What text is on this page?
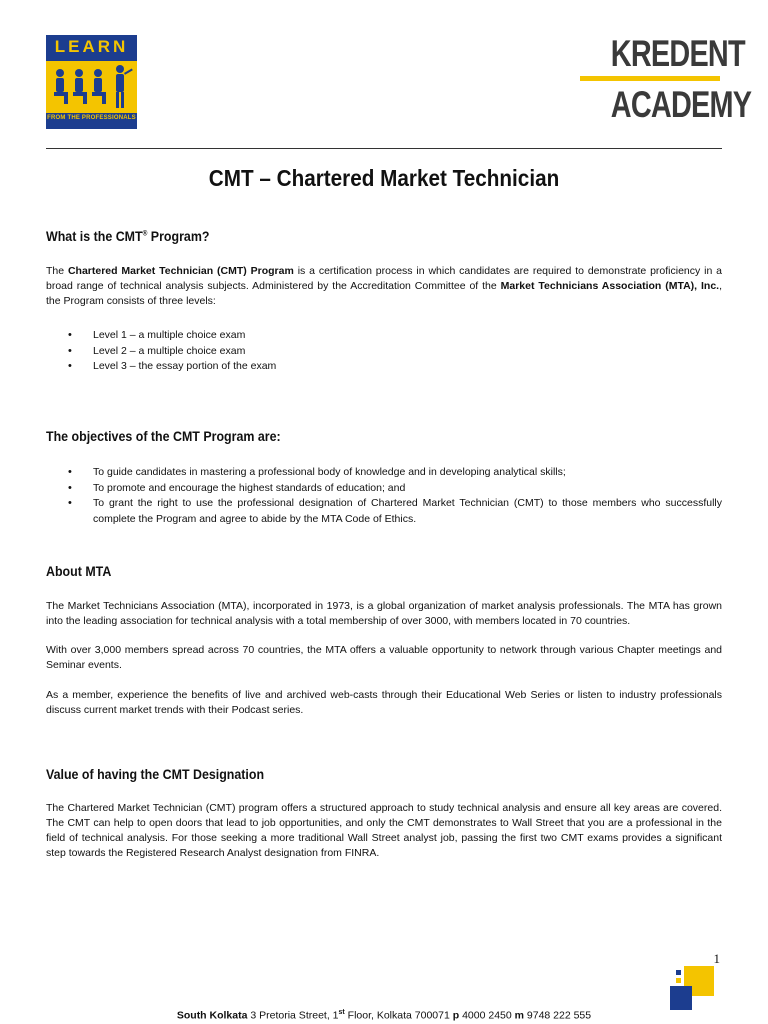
LEARN
FROM THE PROFESSIONALS
KREDENT
ACADEMY
CMT – Chartered Market Technician
What is the CMT® Program?

The Chartered Market Technician (CMT) Program is a certification process in which candidates are required to demonstrate proficiency in a broad range of technical analysis subjects. Administered by the Accreditation Committee of the Market Technicians Association (MTA), Inc., the Program consists of three levels:

• Level 1 – a multiple choice exam
• Level 2 – a multiple choice exam
• Level 3 – the essay portion of the exam
The objectives of the CMT Program are:
• To guide candidates in mastering a professional body of knowledge and in developing analytical skills;
• To promote and encourage the highest standards of education; and
• To grant the right to use the professional designation of Chartered Market Technician (CMT) to those members who successfully complete the Program and agree to abide by the MTA Code of Ethics.
About MTA

The Market Technicians Association (MTA), incorporated in 1973, is a global organization of market analysis professionals. The MTA has grown into the leading association for technical analysis with a total membership of over 3000, with members located in 70 countries.

With over 3,000 members spread across 70 countries, the MTA offers a valuable opportunity to network through various Chapter meetings and Seminar events.

As a member, experience the benefits of live and archived web-casts through their Educational Web Series or listen to industry professionals discuss current market trends with their Podcast series.

Value of having the CMT Designation

The Chartered Market Technician (CMT) program offers a structured approach to study technical analysis and ensure all key areas are covered. The CMT can help to open doors that lead to job opportunities, and only the CMT demonstrates to Wall Street that you are a professional in the field of technical analysis. For those seeking a more traditional Wall Street analyst job, passing the first two CMT exams provides a significant step towards the Registered Research Analyst designation from FINRA.

1
South Kolkata 3 Pretoria Street, 1st Floor, Kolkata 700071 p 4000 2450 m 9748 222 555
